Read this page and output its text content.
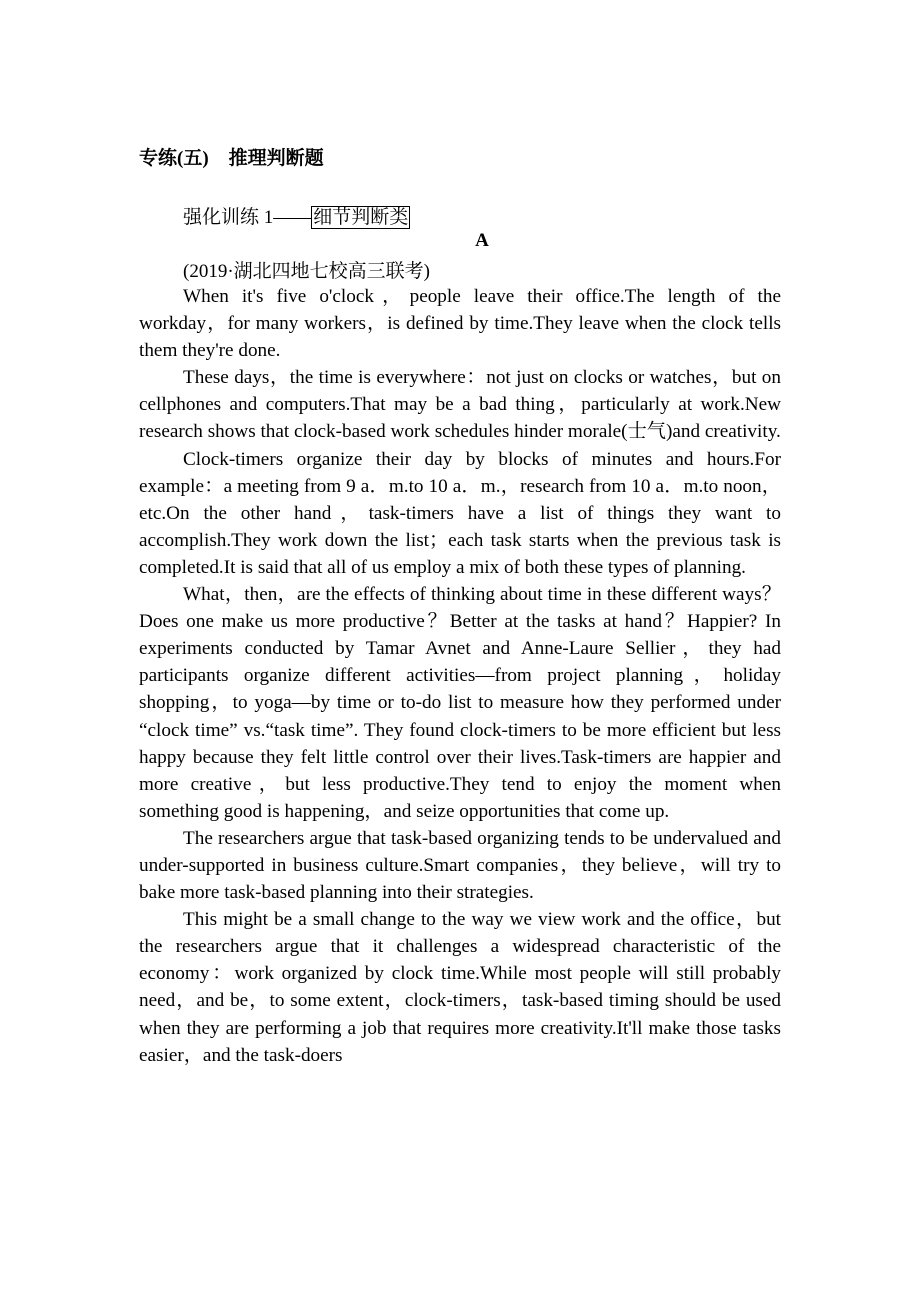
专练(五) 推理判断题
强化训练 1—— 细节判断类
A
(2019·湖北四地七校高三联考)

When it's five o'clock，people leave their office.The length of the workday，for many workers，is defined by time.They leave when the clock tells them they're done.

These days，the time is everywhere：not just on clocks or watches，but on cellphones and computers.That may be a bad thing，particularly at work.New research shows that clock-based work schedules hinder morale(士气)and creativity.

Clock-timers organize their day by blocks of minutes and hours.For example：a meeting from 9 a．m.to 10 a．m.，research from 10 a．m.to noon，etc.On the other hand，task-timers have a list of things they want to accomplish.They work down the list；each task starts when the previous task is completed.It is said that all of us employ a mix of both these types of planning.

What，then，are the effects of thinking about time in these different ways？Does one make us more productive？Better at the tasks at hand？Happier? In experiments conducted by Tamar Avnet and Anne-Laure Sellier，they had participants organize different activities—from project planning，holiday shopping，to yoga—by time or to-do list to measure how they performed under “clock time” vs.“task time”. They found clock-timers to be more efficient but less happy because they felt little control over their lives.Task-timers are happier and more creative，but less productive.They tend to enjoy the moment when something good is happening，and seize opportunities that come up.

The researchers argue that task-based organizing tends to be undervalued and under-supported in business culture.Smart companies，they believe，will try to bake more task-based planning into their strategies.

This might be a small change to the way we view work and the office，but the researchers argue that it challenges a widespread characteristic of the economy：work organized by clock time.While most people will still probably need，and be，to some extent，clock-timers，task-based timing should be used when they are performing a job that requires more creativity.It'll make those tasks easier，and the task-doers
